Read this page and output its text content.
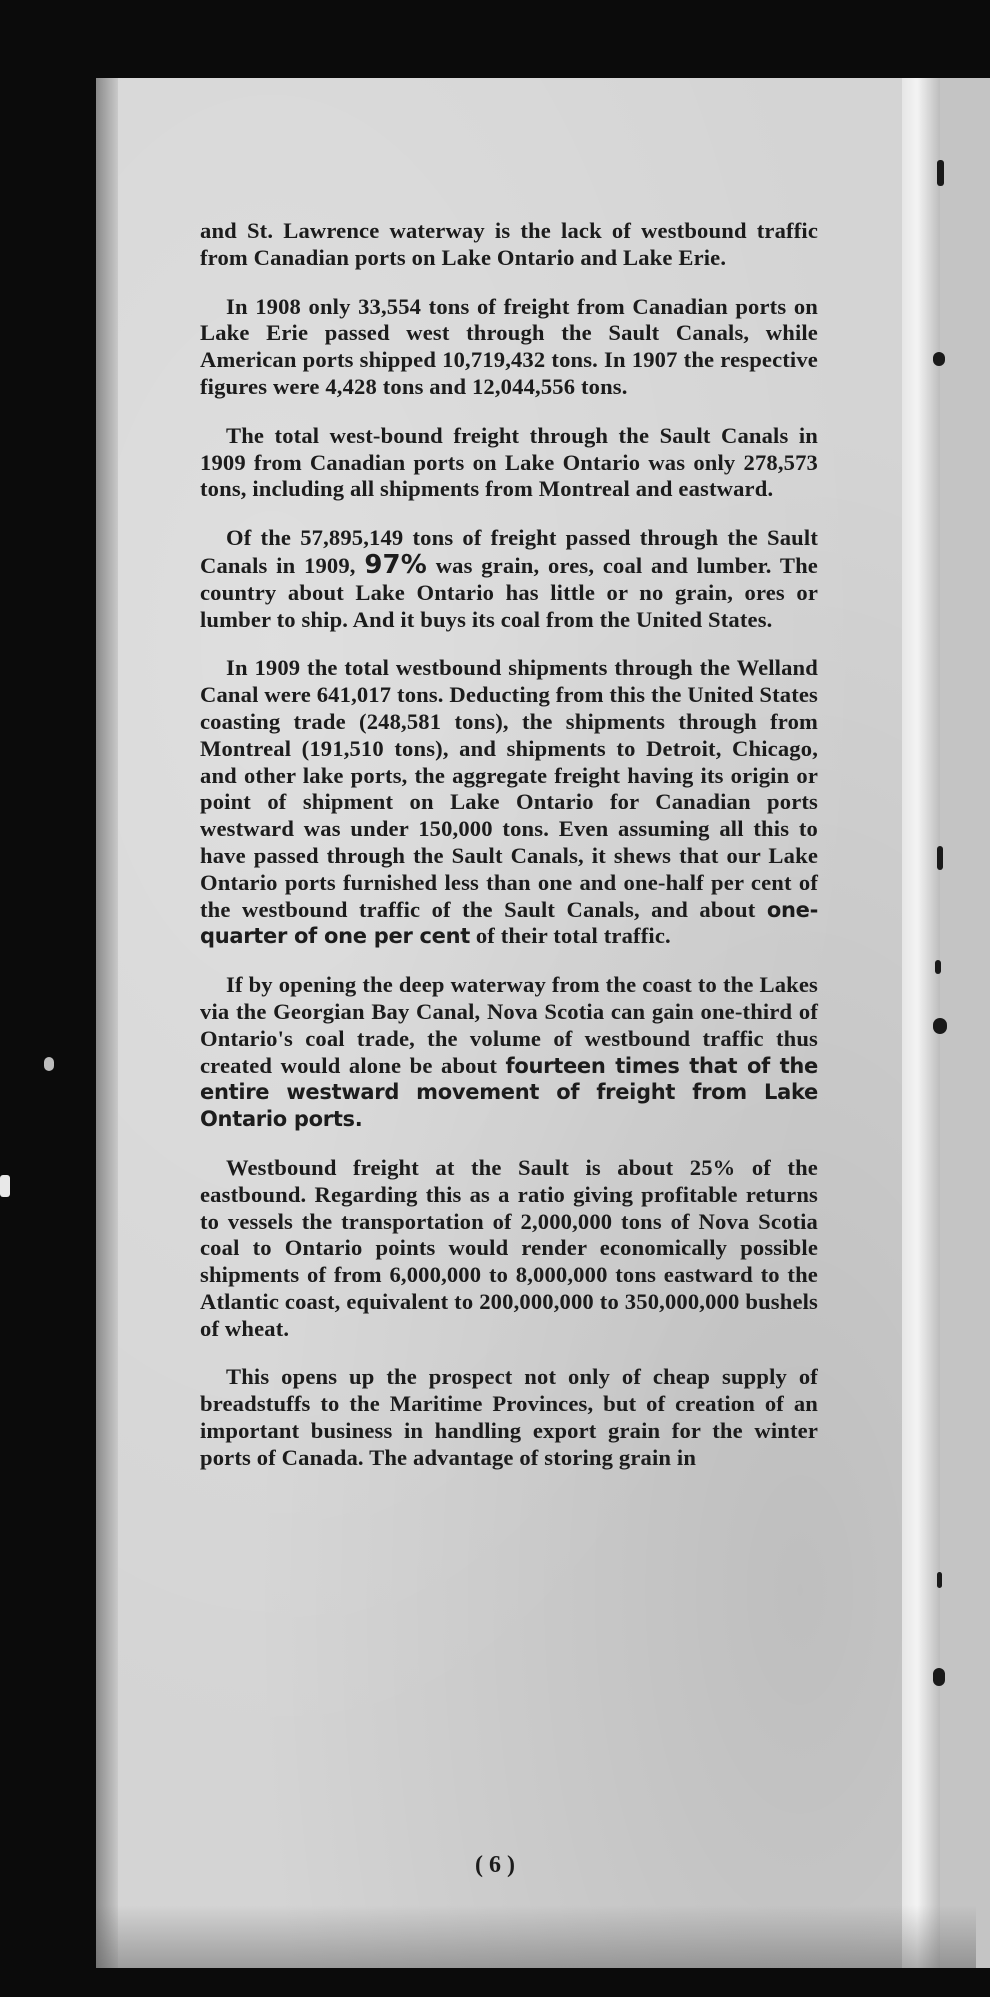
and St. Lawrence waterway is the lack of westbound traffic from Canadian ports on Lake Ontario and Lake Erie.

In 1908 only 33,554 tons of freight from Canadian ports on Lake Erie passed west through the Sault Canals, while American ports shipped 10,719,432 tons. In 1907 the respective figures were 4,428 tons and 12,044,556 tons.

The total west-bound freight through the Sault Canals in 1909 from Canadian ports on Lake Ontario was only 278,573 tons, including all shipments from Montreal and eastward.

Of the 57,895,149 tons of freight passed through the Sault Canals in 1909, 97% was grain, ores, coal and lumber. The country about Lake Ontario has little or no grain, ores or lumber to ship. And it buys its coal from the United States.

In 1909 the total westbound shipments through the Welland Canal were 641,017 tons. Deducting from this the United States coasting trade (248,581 tons), the shipments through from Montreal (191,510 tons), and shipments to Detroit, Chicago, and other lake ports, the aggregate freight having its origin or point of shipment on Lake Ontario for Canadian ports westward was under 150,000 tons. Even assuming all this to have passed through the Sault Canals, it shews that our Lake Ontario ports furnished less than one and one-half per cent of the westbound traffic of the Sault Canals, and about one-quarter of one per cent of their total traffic.

If by opening the deep waterway from the coast to the Lakes via the Georgian Bay Canal, Nova Scotia can gain one-third of Ontario's coal trade, the volume of westbound traffic thus created would alone be about fourteen times that of the entire westward movement of freight from Lake Ontario ports.

Westbound freight at the Sault is about 25% of the eastbound. Regarding this as a ratio giving profitable returns to vessels the transportation of 2,000,000 tons of Nova Scotia coal to Ontario points would render economically possible shipments of from 6,000,000 to 8,000,000 tons eastward to the Atlantic coast, equivalent to 200,000,000 to 350,000,000 bushels of wheat.

This opens up the prospect not only of cheap supply of breadstuffs to the Maritime Provinces, but of creation of an important business in handling export grain for the winter ports of Canada. The advantage of storing grain in

( 6 )
